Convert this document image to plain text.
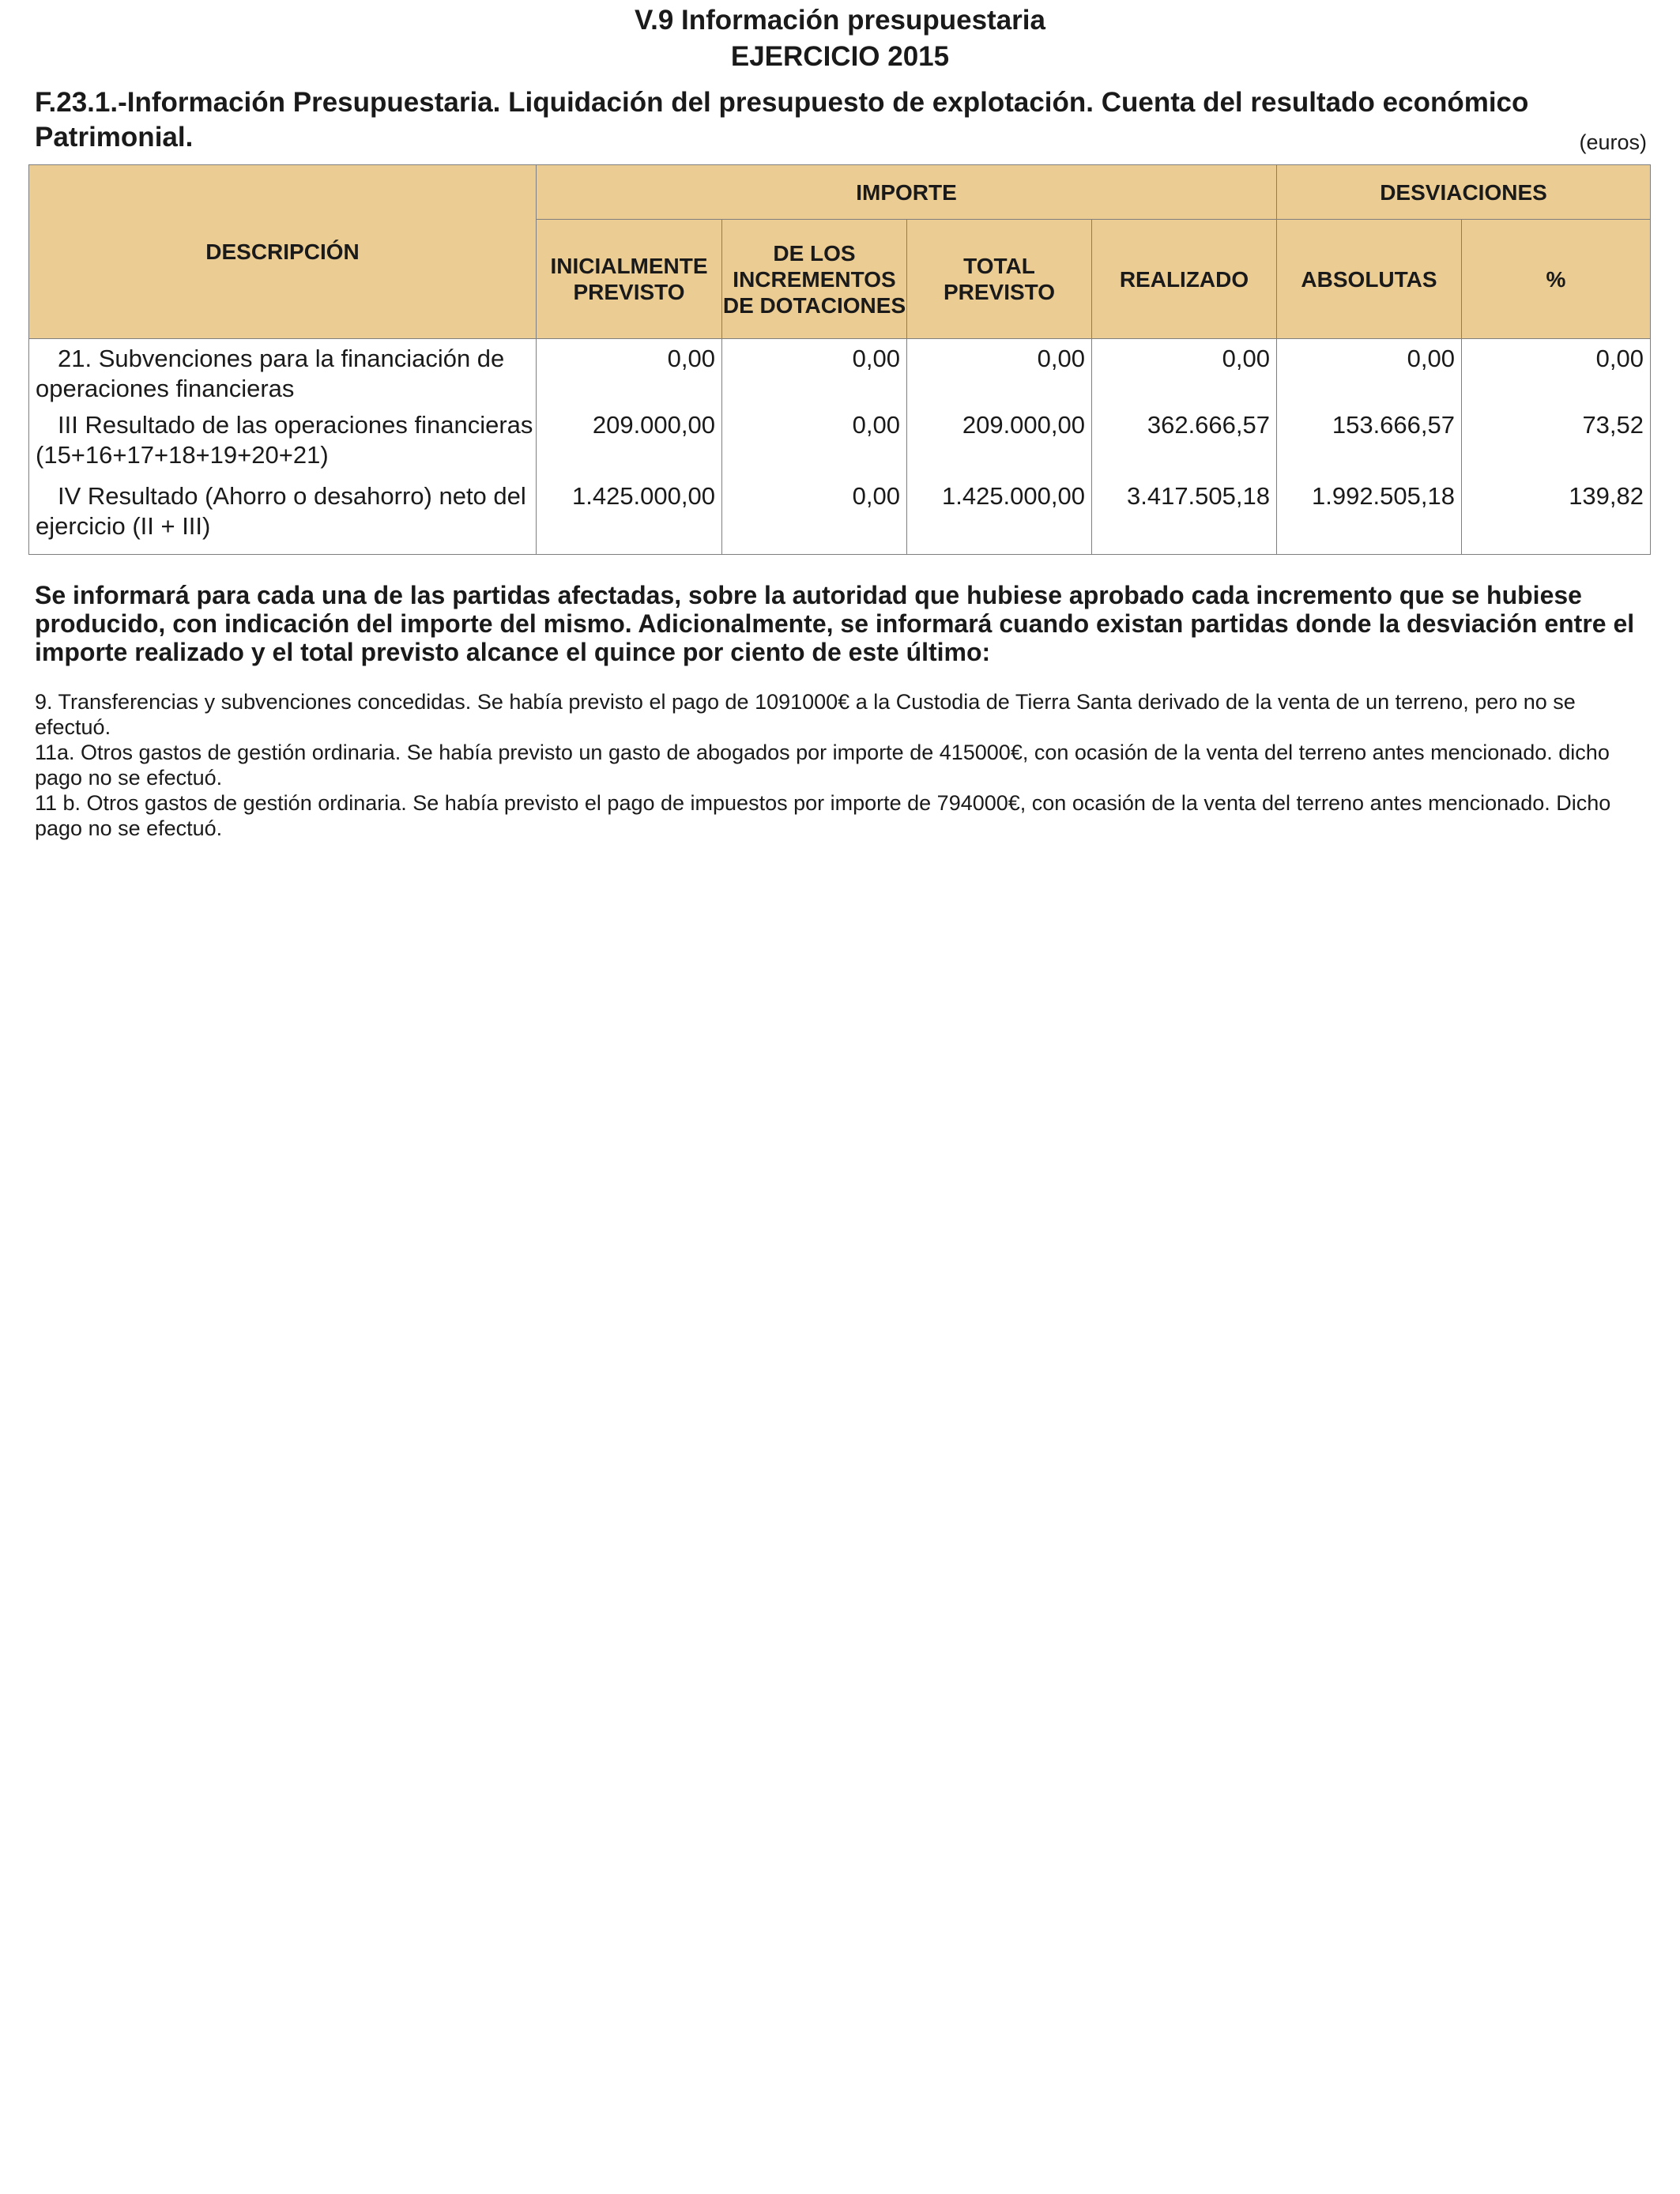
V.9 Información presupuestaria
EJERCICIO 2015
F.23.1.-Información Presupuestaria. Liquidación del presupuesto de explotación. Cuenta del resultado económico Patrimonial.	(euros)
DESCRIPCIÓN	IMPORTE				DESVIACIONES	
	INICIALMENTE PREVISTO	DE LOS INCREMENTOS DE DOTACIONES	TOTAL PREVISTO	REALIZADO	ABSOLUTAS	%
21. Subvenciones para la financiación de operaciones financieras	0,00	0,00	0,00	0,00	0,00	0,00
III Resultado de las operaciones financieras (15+16+17+18+19+20+21)	209.000,00	0,00	209.000,00	362.666,57	153.666,57	73,52
IV Resultado (Ahorro o desahorro) neto del ejercicio (II + III)	1.425.000,00	0,00	1.425.000,00	3.417.505,18	1.992.505,18	139,82
Se informará para cada una de las partidas afectadas, sobre la autoridad que hubiese aprobado cada incremento que se hubiese producido, con indicación del importe del mismo. Adicionalmente, se informará cuando existan partidas donde la desviación entre el importe realizado y el total previsto alcance el quince por ciento de este último:

9. Transferencias y subvenciones concedidas. Se había previsto el pago de 1091000€ a la Custodia de Tierra Santa derivado de la venta de un terreno, pero no se efectuó.

11a. Otros gastos de gestión ordinaria. Se había previsto un gasto de abogados por importe de 415000€, con ocasión de la venta del terreno antes mencionado. dicho pago no se efectuó.

11 b. Otros gastos de gestión ordinaria. Se había previsto el pago de impuestos por importe de 794000€, con ocasión de la venta del terreno antes mencionado. Dicho pago no se efectuó.
